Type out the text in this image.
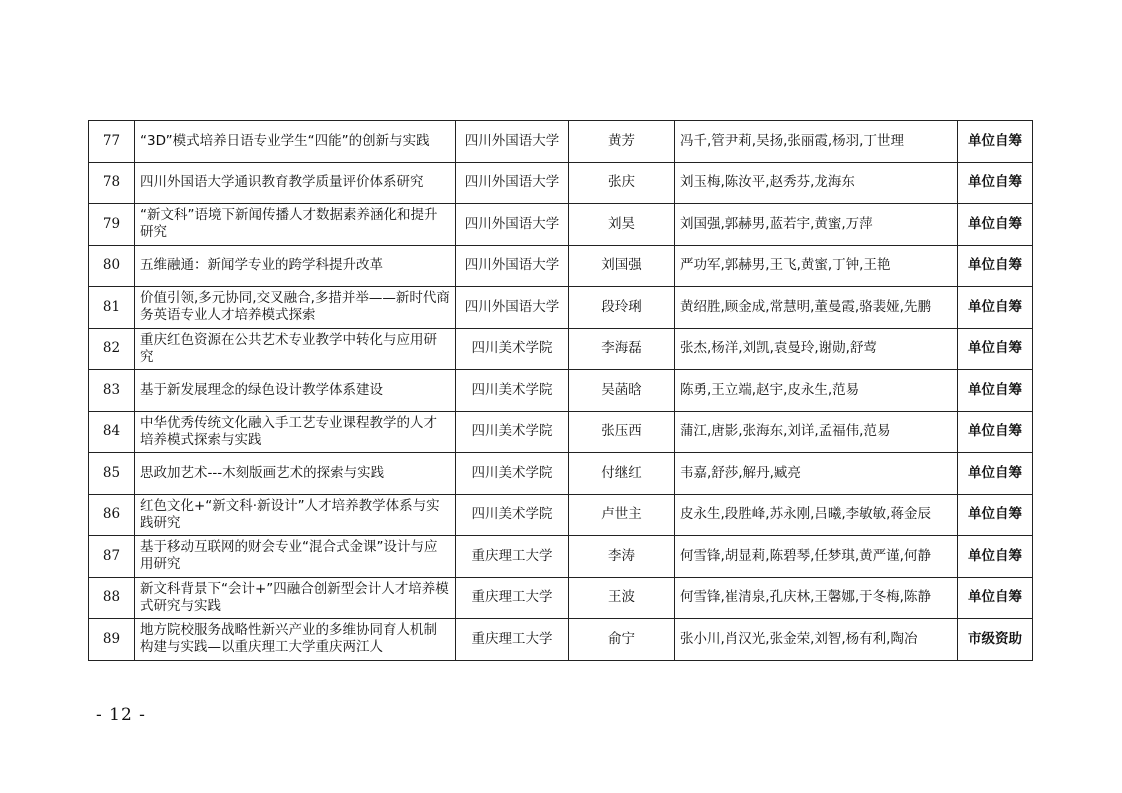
77	“3D”模式培养日语专业学生“四能”的创新与实践	四川外国语大学	黄芳	冯千,管尹莉,吴扬,张丽霞,杨羽,丁世理	单位自筹
78	四川外国语大学通识教育教学质量评价体系研究	四川外国语大学	张庆	刘玉梅,陈汝平,赵秀芬,龙海东	单位自筹
79	“新文科”语境下新闻传播人才数据素养涵化和提升研究	四川外国语大学	刘昊	刘国强,郭赫男,蓝若宇,黄蜜,万萍	单位自筹
80	五维融通：新闻学专业的跨学科提升改革	四川外国语大学	刘国强	严功军,郭赫男,王飞,黄蜜,丁钟,王艳	单位自筹
81	价值引领,多元协同,交叉融合,多措并举——新时代商务英语专业人才培养模式探索	四川外国语大学	段玲琍	黄绍胜,顾金成,常慧明,董曼霞,骆裴娅,先鹏	单位自筹
82	重庆红色资源在公共艺术专业教学中转化与应用研究	四川美术学院	李海磊	张杰,杨洋,刘凯,袁曼玲,谢勋,舒莺	单位自筹
83	基于新发展理念的绿色设计教学体系建设	四川美术学院	吴菡晗	陈勇,王立端,赵宇,皮永生,范易	单位自筹
84	中华优秀传统文化融入手工艺专业课程教学的人才培养模式探索与实践	四川美术学院	张压西	蒲江,唐影,张海东,刘详,孟福伟,范易	单位自筹
85	思政加艺术---木刻版画艺术的探索与实践	四川美术学院	付继红	韦嘉,舒莎,解丹,臧亮	单位自筹
86	红色文化+“新文科·新设计”人才培养教学体系与实践研究	四川美术学院	卢世主	皮永生,段胜峰,苏永刚,吕曦,李敏敏,蒋金辰	单位自筹
87	基于移动互联网的财会专业“混合式金课”设计与应用研究	重庆理工大学	李涛	何雪锋,胡显莉,陈碧琴,任梦琪,黄严谨,何静	单位自筹
88	新文科背景下“会计+”四融合创新型会计人才培养模式研究与实践	重庆理工大学	王波	何雪锋,崔清泉,孔庆林,王馨娜,于冬梅,陈静	单位自筹
89	地方院校服务战略性新兴产业的多维协同育人机制构建与实践—以重庆理工大学重庆两江人	重庆理工大学	俞宁	张小川,肖汉光,张金荣,刘智,杨有利,陶冶	市级资助
- 12 -
